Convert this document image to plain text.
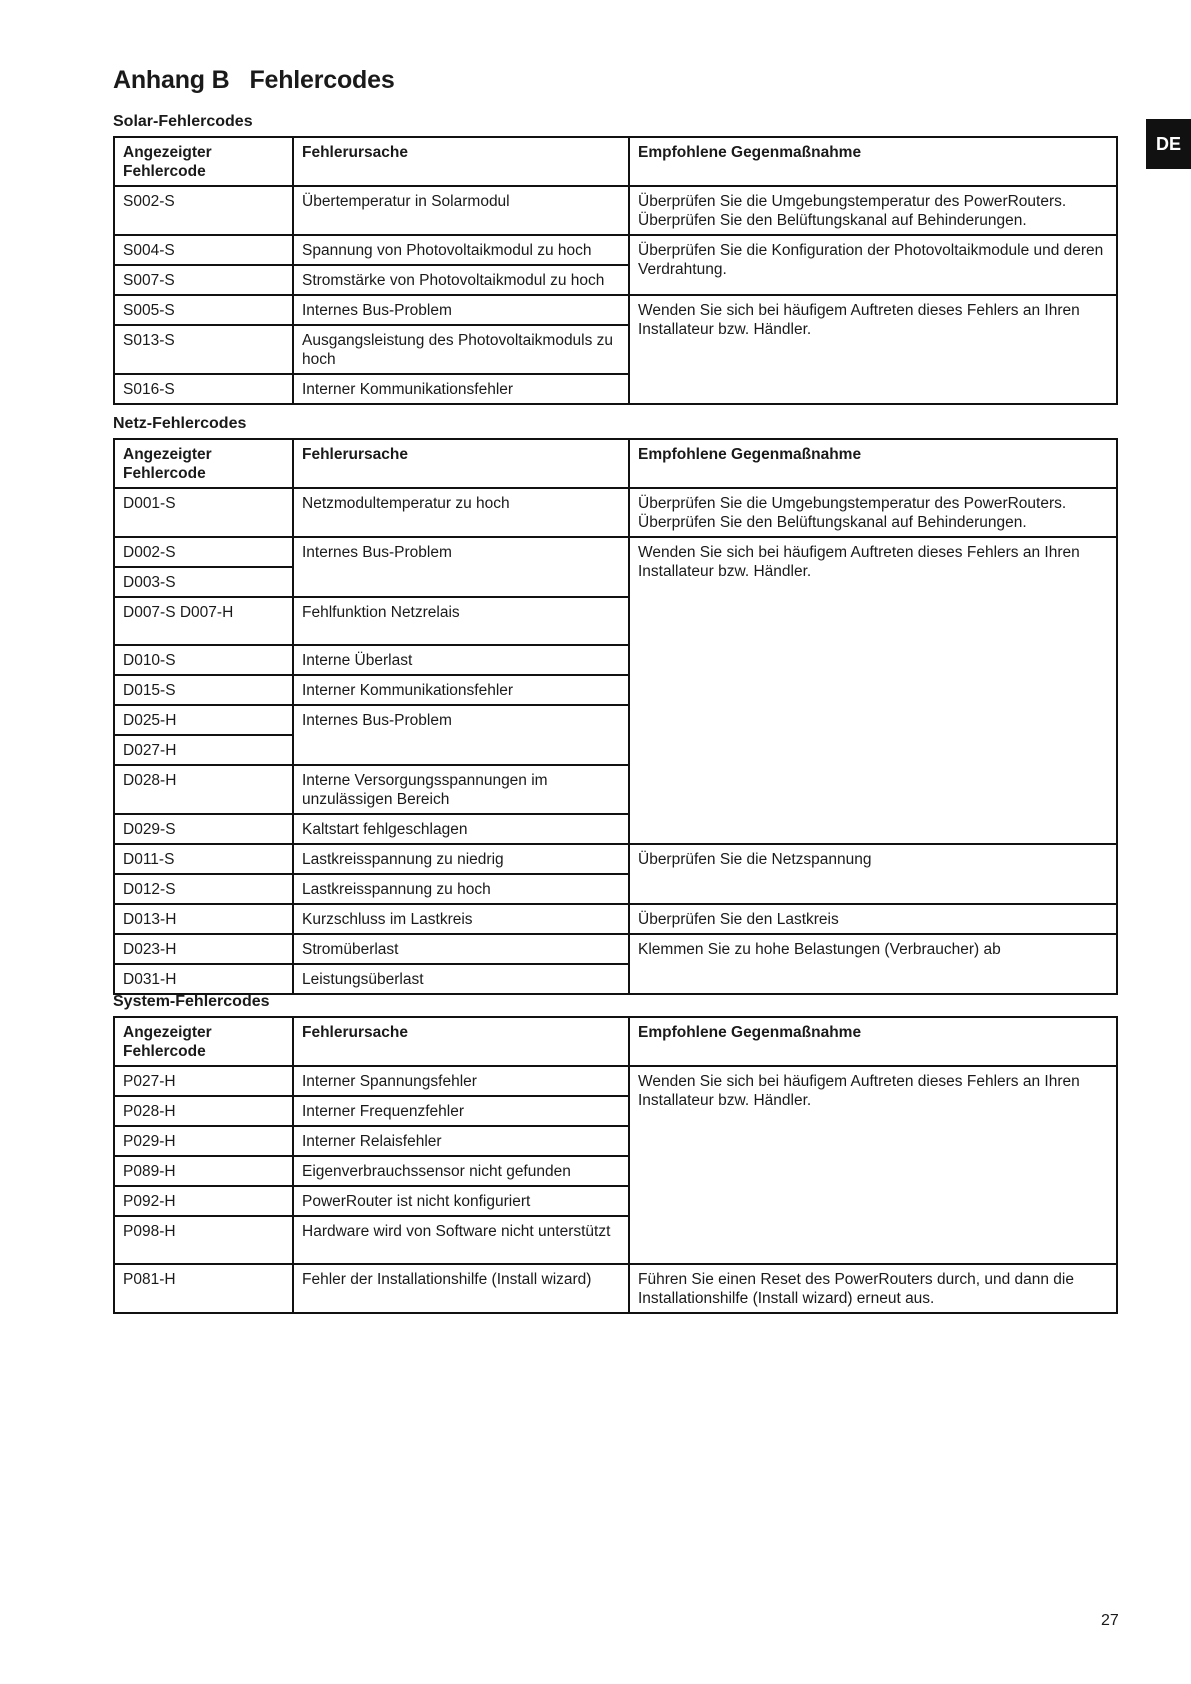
Anhang B Fehlercodes
DE
Solar-Fehlercodes
Angezeigter Fehlercode	Fehlerursache	Empfohlene Gegenmaßnahme
S002-S	Übertemperatur in Solarmodul	Überprüfen Sie die Umgebungstemperatur des PowerRouters. Überprüfen Sie den Belüftungskanal auf Behinderungen.
S004-S	Spannung von Photovoltaikmodul zu hoch	Überprüfen Sie die Konfiguration der Photovoltaikmodule und deren Verdrahtung.
S007-S	Stromstärke von Photovoltaikmodul zu hoch	
S005-S	Internes Bus-Problem	Wenden Sie sich bei häufigem Auftreten dieses Fehlers an Ihren Installateur bzw. Händler.
S013-S	Ausgangsleistung des Photovoltaikmoduls zu hoch	
S016-S	Interner Kommunikationsfehler	
Netz-Fehlercodes
Angezeigter Fehlercode	Fehlerursache	Empfohlene Gegenmaßnahme
D001-S	Netzmodultemperatur zu hoch	Überprüfen Sie die Umgebungstemperatur des PowerRouters. Überprüfen Sie den Belüftungskanal auf Behinderungen.
D002-S	Internes Bus-Problem	Wenden Sie sich bei häufigem Auftreten dieses Fehlers an Ihren Installateur bzw. Händler.
D003-S		
D007-S D007-H	Fehlfunktion Netzrelais	
D010-S	Interne Überlast	
D015-S	Interner Kommunikationsfehler	
D025-H	Internes Bus-Problem	
D027-H		
D028-H	Interne Versorgungsspannungen im unzulässigen Bereich	
D029-S	Kaltstart fehlgeschlagen	
D011-S	Lastkreisspannung zu niedrig	Überprüfen Sie die Netzspannung
D012-S	Lastkreisspannung zu hoch	
D013-H	Kurzschluss im Lastkreis	Überprüfen Sie den Lastkreis
D023-H	Stromüberlast	Klemmen Sie zu hohe Belastungen (Verbraucher) ab
D031-H	Leistungsüberlast	
System-Fehlercodes
Angezeigter Fehlercode	Fehlerursache	Empfohlene Gegenmaßnahme
P027-H	Interner Spannungsfehler	Wenden Sie sich bei häufigem Auftreten dieses Fehlers an Ihren Installateur bzw. Händler.
P028-H	Interner Frequenzfehler	
P029-H	Interner Relaisfehler	
P089-H	Eigenverbrauchssensor nicht gefunden	
P092-H	PowerRouter ist nicht konfiguriert	
P098-H	Hardware wird von Software nicht unterstützt	
P081-H	Fehler der Installationshilfe (Install wizard)	Führen Sie einen Reset des PowerRouters durch, und dann die Installationshilfe (Install wizard) erneut aus.
27
